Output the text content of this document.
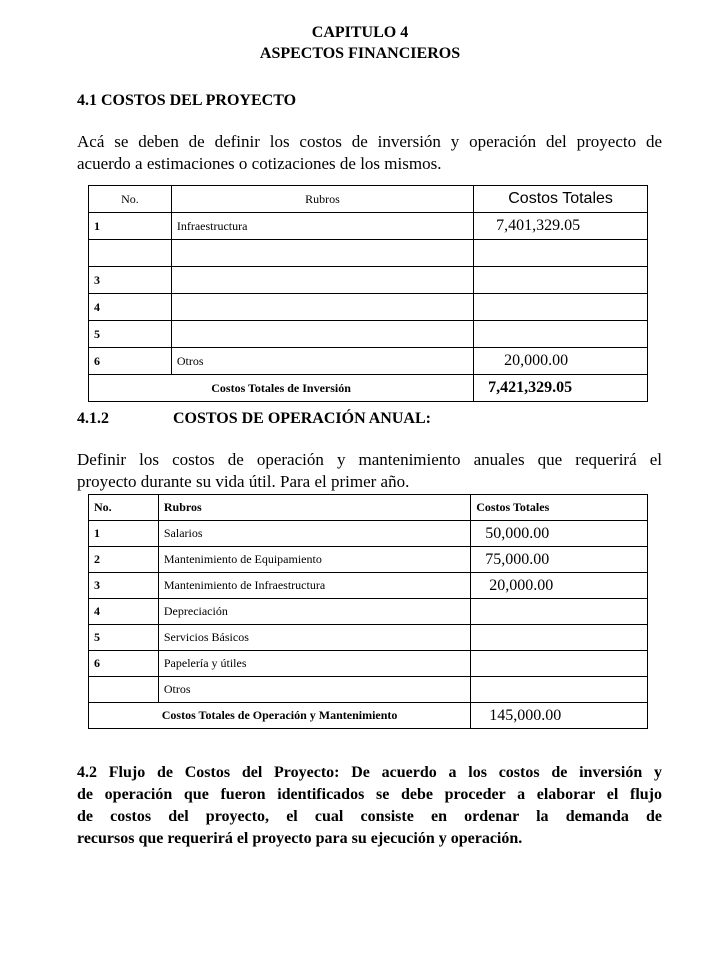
CAPITULO 4
ASPECTOS FINANCIEROS
4.1 COSTOS DEL PROYECTO
Acá se deben de definir los costos de inversión y operación del proyecto de
acuerdo a estimaciones o cotizaciones de los mismos.
No.	Rubros	Costos Totales
1	Infraestructura	7,401,329.05

3		
4		
5		
6	Otros	20,000.00
Costos Totales de Inversión		7,421,329.05
4.1.2	COSTOS DE OPERACIÓN ANUAL:
Definir los costos de operación y mantenimiento anuales que requerirá el
proyecto durante su vida útil. Para el primer año.
No.	Rubros	Costos Totales
1	Salarios	50,000.00
2	Mantenimiento de Equipamiento	75,000.00
3	Mantenimiento de Infraestructura	20,000.00
4	Depreciación	
5	Servicios Básicos	
6	Papelería y útiles	
	Otros	
Costos Totales de Operación y Mantenimiento		145,000.00
4.2 Flujo de Costos del Proyecto: De acuerdo a los costos de inversión y
de operación que fueron identificados se debe proceder a elaborar el flujo
de costos del proyecto, el cual consiste en ordenar la demanda de
recursos que requerirá el proyecto para su ejecución y operación.
